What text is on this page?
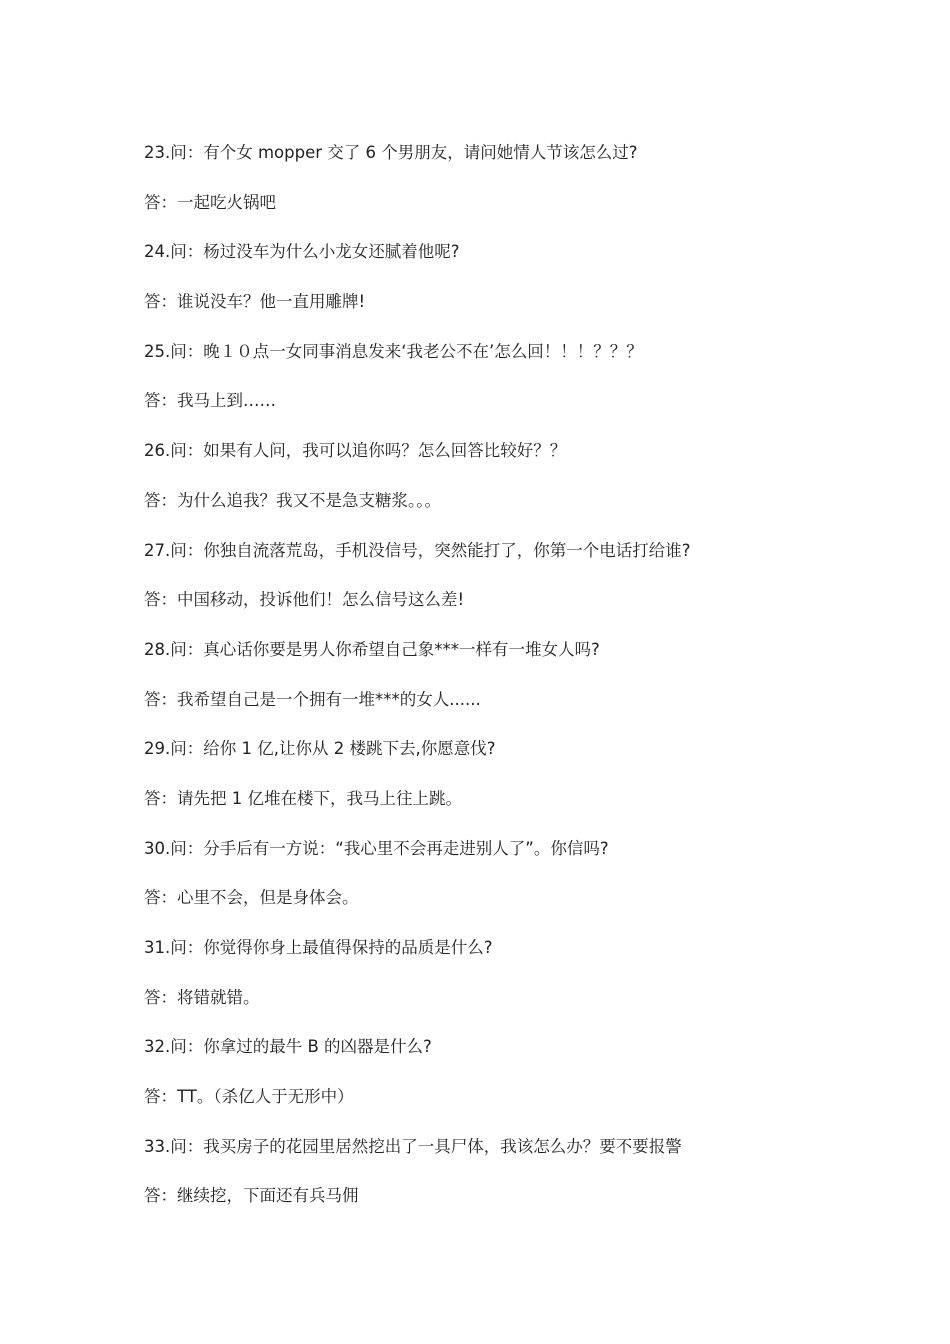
23.问：有个女 mopper 交了 6 个男朋友，请问她情人节该怎么过?
答：一起吃火锅吧
24.问：杨过没车为什么小龙女还腻着他呢?
答：谁说没车？他一直用雕牌!
25.问：晚１０点一女同事消息发来‘我老公不在’怎么回！！！？？？
答：我马上到……
26.问：如果有人问，我可以追你吗？怎么回答比较好？？
答：为什么追我？我又不是急支糖浆。。。
27.问：你独自流落荒岛，手机没信号，突然能打了，你第一个电话打给谁?
答：中国移动，投诉他们！怎么信号这么差!
28.问：真心话你要是男人你希望自己象***一样有一堆女人吗?
答：我希望自己是一个拥有一堆***的女人......
29.问：给你 1 亿,让你从 2 楼跳下去,你愿意伐?
答：请先把 1 亿堆在楼下，我马上往上跳。
30.问：分手后有一方说：“我心里不会再走进别人了”。你信吗?
答：心里不会，但是身体会。
31.问：你觉得你身上最值得保持的品质是什么?
答：将错就错。
32.问：你拿过的最牛 B 的凶器是什么?
答：TT。（杀亿人于无形中）
33.问：我买房子的花园里居然挖出了一具尸体，我该怎么办？要不要报警
答：继续挖，下面还有兵马佣
